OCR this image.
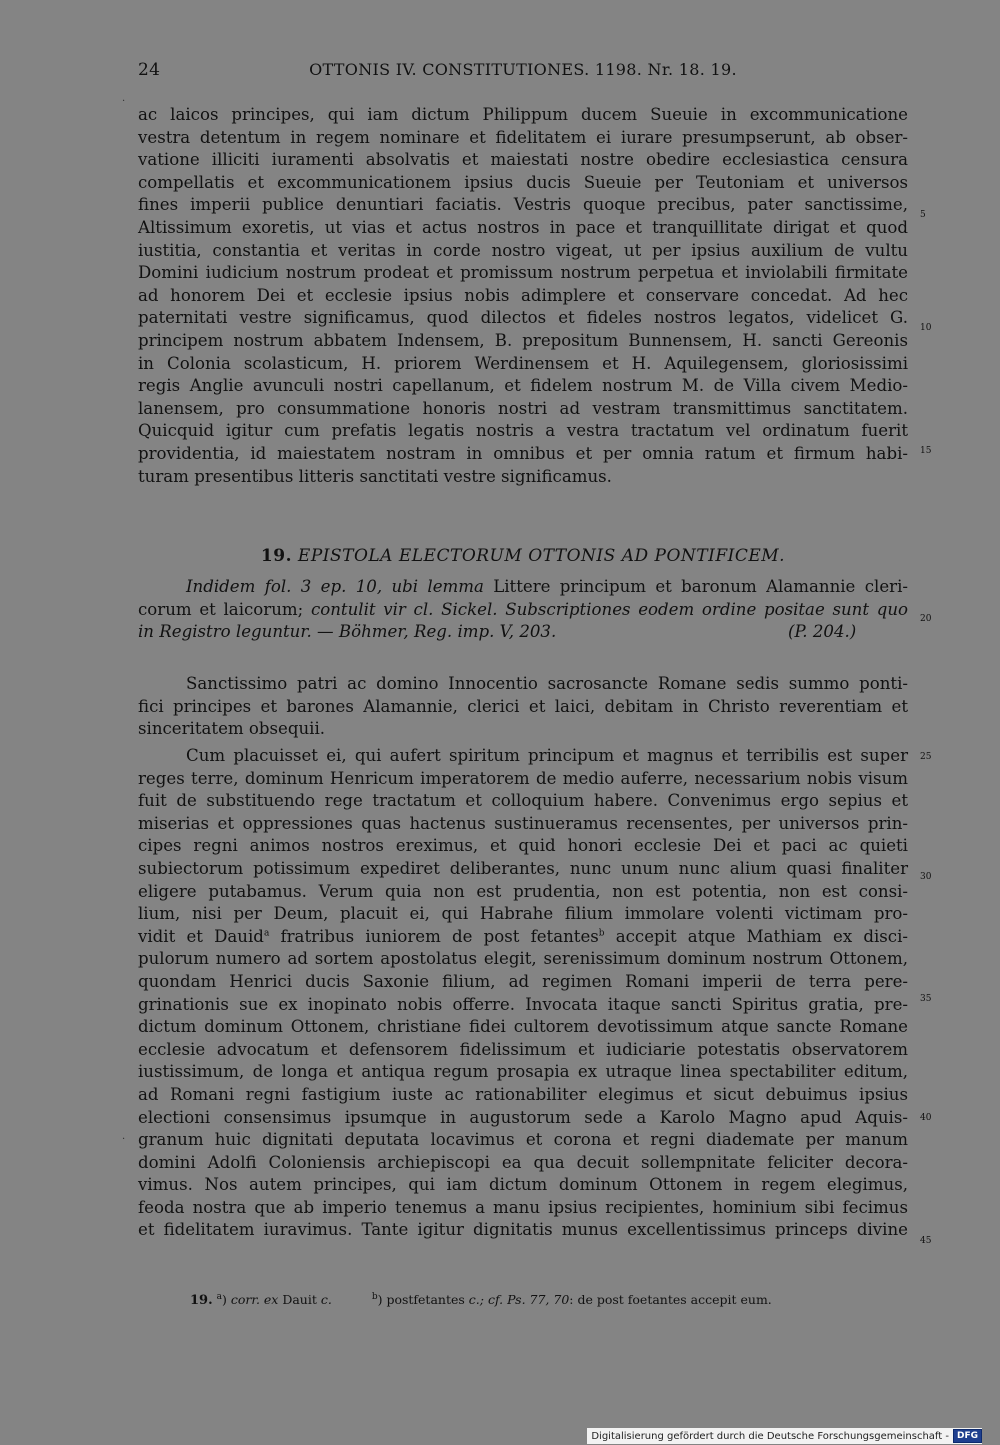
24	OTTONIS IV. CONSTITUTIONES. 1198. Nr. 18. 19.
·
ac laicos principes, qui iam dictum Philippum ducem Sueuie in excommunicatione
vestra detentum in regem nominare et fidelitatem ei iurare presumpserunt, ab obser-
vatione illiciti iuramenti absolvatis et maiestati nostre obedire ecclesiastica censura
compellatis et excommunicationem ipsius ducis Sueuie per Teutoniam et universos
fines imperii publice denuntiari faciatis. Vestris quoque precibus, pater sanctissime,
Altissimum exoretis, ut vias et actus nostros in pace et tranquillitate dirigat et quod
iustitia, constantia et veritas in corde nostro vigeat, ut per ipsius auxilium de vultu
Domini iudicium nostrum prodeat et promissum nostrum perpetua et inviolabili firmitate
ad honorem Dei et ecclesie ipsius nobis adimplere et conservare concedat. Ad hec
paternitati vestre significamus, quod dilectos et fideles nostros legatos, videlicet G.
principem nostrum abbatem Indensem, B. prepositum Bunnensem, H. sancti Gereonis
in Colonia scolasticum, H. priorem Werdinensem et H. Aquilegensem, gloriosissimi
regis Anglie avunculi nostri capellanum, et fidelem nostrum M. de Villa civem Medio-
lanensem, pro consummatione honoris nostri ad vestram transmittimus sanctitatem.
Quicquid igitur cum prefatis legatis nostris a vestra tractatum vel ordinatum fuerit
providentia, id maiestatem nostram in omnibus et per omnia ratum et firmum habi-
turam presentibus litteris sanctitati vestre significamus.
19. EPISTOLA ELECTORUM OTTONIS AD PONTIFICEM.
Indidem fol. 3 ep. 10, ubi lemma Littere principum et baronum Alamannie cleri-
corum et laicorum; contulit vir cl. Sickel. Subscriptiones eodem ordine positae sunt quo
in Registro leguntur. — Böhmer, Reg. imp. V, 203.	(P. 204.)
Sanctissimo patri ac domino Innocentio sacrosancte Romane sedis summo ponti-
fici principes et barones Alamannie, clerici et laici, debitam in Christo reverentiam et
sinceritatem obsequii.
Cum placuisset ei, qui aufert spiritum principum et magnus et terribilis est super
reges terre, dominum Henricum imperatorem de medio auferre, necessarium nobis visum
fuit de substituendo rege tractatum et colloquium habere. Convenimus ergo sepius et
miserias et oppressiones quas hactenus sustinueramus recensentes, per universos prin-
cipes regni animos nostros ereximus, et quid honori ecclesie Dei et paci ac quieti
subiectorum potissimum expediret deliberantes, nunc unum nunc alium quasi finaliter
eligere putabamus. Verum quia non est prudentia, non est potentia, non est consi-
lium, nisi per Deum, placuit ei, qui Habrahe filium immolare volenti victimam pro-
vidit et Dauid$^a$ fratribus iuniorem de post fetantes$^b$ accepit atque Mathiam ex disci-
pulorum numero ad sortem apostolatus elegit, serenissimum dominum nostrum Ottonem,
quondam Henrici ducis Saxonie filium, ad regimen Romani imperii de terra pere-
grinationis sue ex inopinato nobis offerre. Invocata itaque sancti Spiritus gratia, pre-
dictum dominum Ottonem, christiane fidei cultorem devotissimum atque sancte Romane
ecclesie advocatum et defensorem fidelissimum et iudiciarie potestatis observatorem
iustissimum, de longa et antiqua regum prosapia ex utraque linea spectabiliter editum,
ad Romani regni fastigium iuste ac rationabiliter elegimus et sicut debuimus ipsius
electioni consensimus ipsumque in augustorum sede a Karolo Magno apud Aquis-
granum huic dignitati deputata locavimus et corona et regni diademate per manum
domini Adolfi Coloniensis archiepiscopi ea qua decuit sollempnitate feliciter decora-
vimus. Nos autem principes, qui iam dictum dominum Ottonem in regem elegimus,
feoda nostra que ab imperio tenemus a manu ipsius recipientes, hominium sibi fecimus
et fidelitatem iuravimus. Tante igitur dignitatis munus excellentissimus princeps divine
·
5
10
15
20
25
30
35
40
45
19. $^a$) corr. ex Dauit c.	$^b$) postfetantes c.; cf. Ps. 77, 70: de post foetantes accepit eum.
Digitalisierung gefördert durch die Deutsche Forschungsgemeinschaft - DFG
